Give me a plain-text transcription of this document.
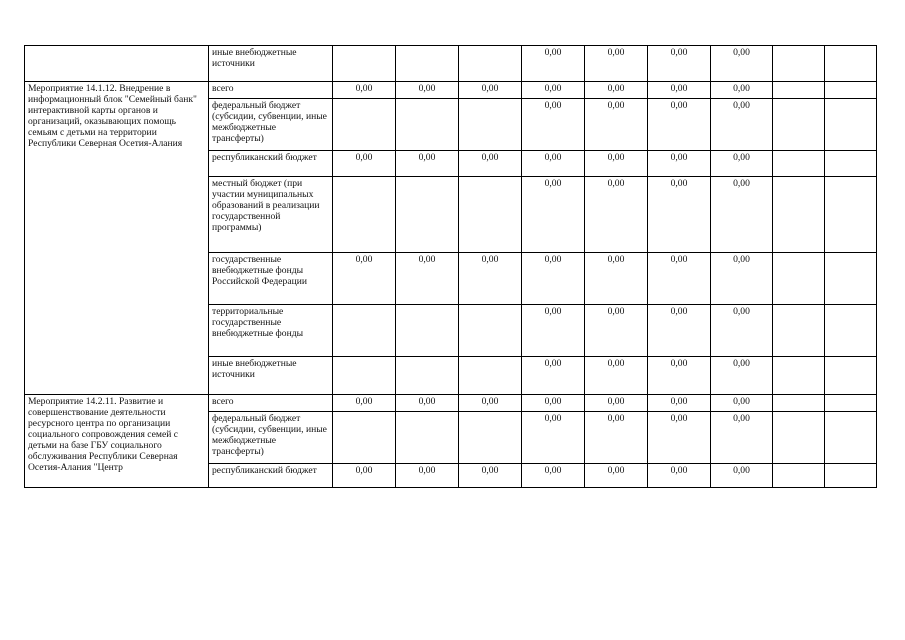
	иные внебюджетные источники				0,00	0,00	0,00	0,00		
Мероприятие 14.1.12. Внедрение в информационный блок "Семейный банк" интерактивной карты органов и организаций, оказывающих помощь семьям с детьми на территории Республики Северная Осетия-Алания	всего	0,00	0,00	0,00	0,00	0,00	0,00	0,00		
	федеральный бюджет (субсидии, субвенции, иные межбюджетные трансферты)				0,00	0,00	0,00	0,00		
	республиканский бюджет	0,00	0,00	0,00	0,00	0,00	0,00	0,00		
	местный бюджет (при участии муниципальных образований в реализации государственной программы)				0,00	0,00	0,00	0,00		
	государственные внебюджетные фонды Российской Федерации	0,00	0,00	0,00	0,00	0,00	0,00	0,00		
	территориальные государственные внебюджетные фонды				0,00	0,00	0,00	0,00		
	иные внебюджетные источники				0,00	0,00	0,00	0,00		
Мероприятие 14.2.11. Развитие и совершенствование деятельности ресурсного центра по организации социального сопровождения семей с детьми на базе ГБУ социального обслуживания Республики Северная Осетия-Алания "Центр	всего	0,00	0,00	0,00	0,00	0,00	0,00	0,00		
	федеральный бюджет (субсидии, субвенции, иные межбюджетные трансферты)				0,00	0,00	0,00	0,00		
	республиканский бюджет	0,00	0,00	0,00	0,00	0,00	0,00	0,00		
